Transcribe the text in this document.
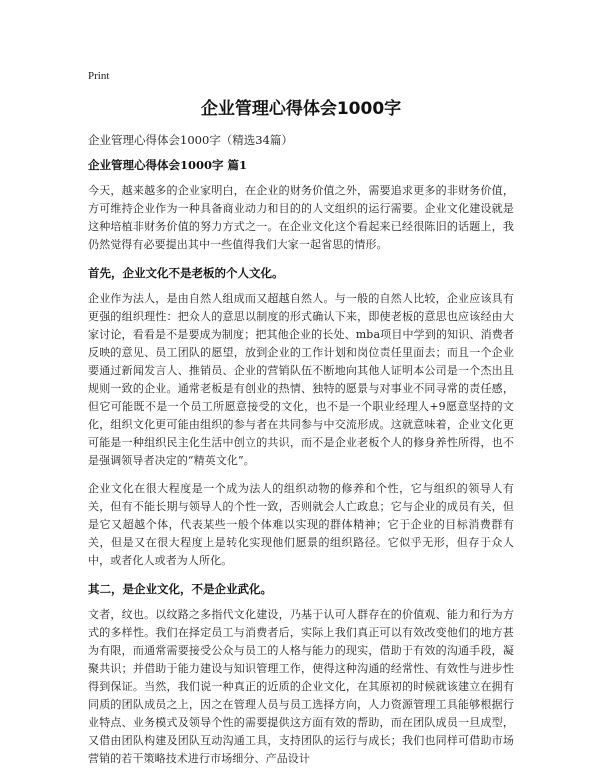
Print
企业管理心得体会1000字
企业管理心得体会1000字（精选34篇）
企业管理心得体会1000字 篇1

今天，越来越多的企业家明白，在企业的财务价值之外，需要追求更多的非财务价值，方可维持企业作为一种具备商业动力和目的的人文组织的运行需要。企业文化建设就是这种培植非财务价值的努力方式之一。在企业文化这个看起来已经很陈旧的话题上，我仍然觉得有必要提出其中一些值得我们大家一起省思的情形。

首先，企业文化不是老板的个人文化。

企业作为法人，是由自然人组成而又超越自然人。与一般的自然人比较，企业应该具有更强的组织理性：把众人的意思以制度的形式确认下来，即使老板的意思也应该经由大家讨论，看看是不是要成为制度；把其他企业的长处、mba项目中学到的知识、消费者反映的意见、员工团队的愿望，放到企业的工作计划和岗位责任里面去；而且一个企业要通过新闻发言人、推销员、企业的营销队伍不断地向其他人证明本公司是一个杰出且规则一致的企业。通常老板是有创业的热情、独特的愿景与对事业不同寻常的责任感，但它可能既不是一个员工所愿意接受的文化，也不是一个职业经理人+9愿意坚持的文化，组织文化更可能由组织的参与者在共同参与中交流形成。这就意味着，企业文化更可能是一种组织民主化生活中创立的共识，而不是企业老板个人的修身养性所得，也不是强调领导者决定的“精英文化”。

企业文化在很大程度是一个成为法人的组织动物的修养和个性，它与组织的领导人有关，但有不能长期与领导人的个性一致，否则就会人亡政息；它与企业的成员有关，但是它又超越个体，代表某些一般个体难以实现的群体精神；它于企业的目标消费群有关，但是又在很大程度上是转化实现他们愿景的组织路径。它似乎无形，但存于众人中，或者化人或者为人所化。

其二，是企业文化，不是企业武化。

文者，纹也。以纹路之多指代文化建设，乃基于认可人群存在的价值观、能力和行为方式的多样性。我们在择定员工与消费者后，实际上我们真正可以有效改变他们的地方甚为有限，而通常需要接受公众与员工的人格与能力的现实，借助于有效的沟通手段，凝聚共识；并借助于能力建设与知识管理工作，使得这种沟通的经常性、有效性与进步性得到保证。当然，我们说一种真正的近质的企业文化，在其原初的时候就该建立在拥有同质的团队成员之上，因之在管理人员与员工选择方向，人力资源管理工具能够根据行业特点、业务模式及领导个性的需要提供这方面有效的帮助，而在团队成员一旦成型，又借由团队构建及团队互动沟通工具，支持团队的运行与成长；我们也同样可借助市场营销的若干策略技术进行市场细分、产品设计
